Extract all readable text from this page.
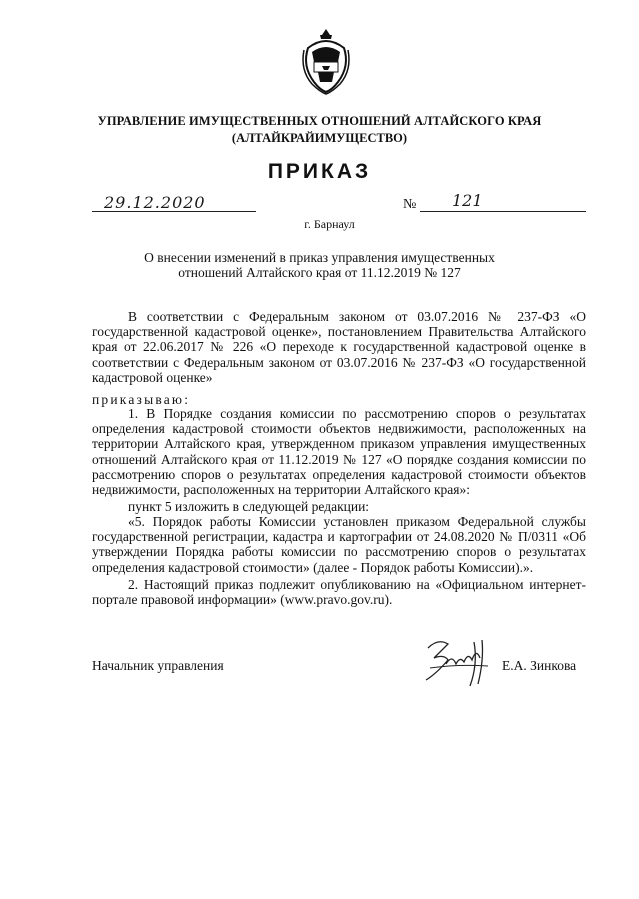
УПРАВЛЕНИЕ ИМУЩЕСТВЕННЫХ ОТНОШЕНИЙ АЛТАЙСКОГО КРАЯ
(АЛТАЙКРАЙИМУЩЕСТВО)
ПРИКАЗ
29.12.2020	№ 121
г. Барнаул
О внесении изменений в приказ управления имущественных
отношений Алтайского края от 11.12.2019 № 127
В соответствии с Федеральным законом от 03.07.2016 № 237-ФЗ «О государственной кадастровой оценке», постановлением Правительства Алтайского края от 22.06.2017 № 226 «О переходе к государственной кадастровой оценке в соответствии с Федеральным законом от 03.07.2016 № 237-ФЗ «О государственной кадастровой оценке»
приказываю:
1. В Порядке создания комиссии по рассмотрению споров о результатах определения кадастровой стоимости объектов недвижимости, расположенных на территории Алтайского края, утвержденном приказом управления имущественных отношений Алтайского края от 11.12.2019 № 127 «О порядке создания комиссии по рассмотрению споров о результатах определения кадастровой стоимости объектов недвижимости, расположенных на территории Алтайского края»:
пункт 5 изложить в следующей редакции:
«5. Порядок работы Комиссии установлен приказом Федеральной службы государственной регистрации, кадастра и картографии от 24.08.2020 № П/0311 «Об утверждении Порядка работы комиссии по рассмотрению споров о результатах определения кадастровой стоимости» (далее - Порядок работы Комиссии).».
2. Настоящий приказ подлежит опубликованию на «Официальном интернет-портале правовой информации» (www.pravo.gov.ru).
Начальник управления	Е.А. Зинкова
